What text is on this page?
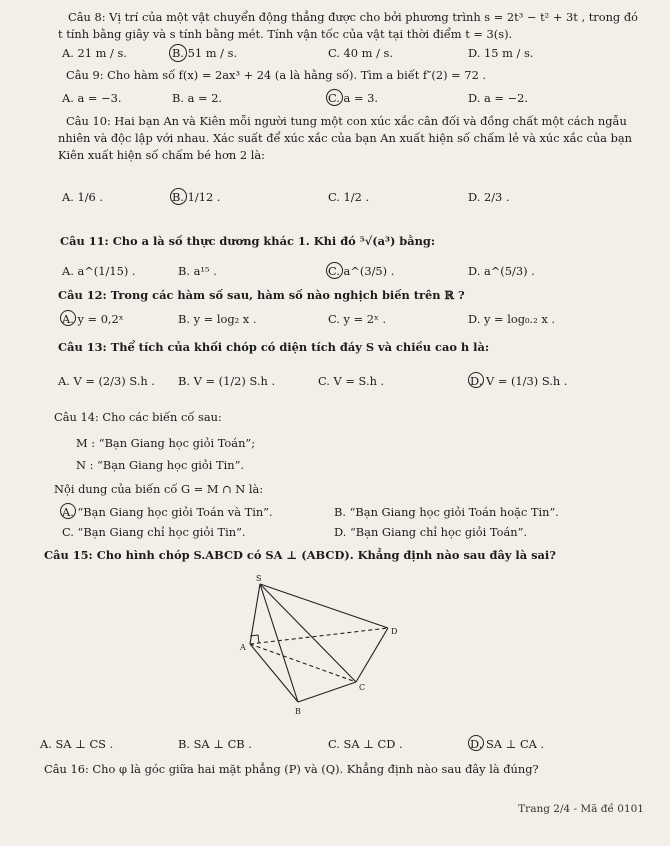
Câu 8: Vị trí của một vật chuyển động thẳng được cho bởi phương trình s = 2t³ − t² + 3t , trong đó
t tính bằng giây và s tính bằng mét. Tính vận tốc của vật tại thời điểm t = 3(s).
A. 21 m / s.	B. 51 m / s.	C. 40 m / s.	D. 15 m / s.
Câu 9: Cho hàm số f(x) = 2ax³ + 24 (a là hằng số). Tìm a biết f″(2) = 72 .
A. a = −3.	B. a = 2.	C. a = 3.	D. a = −2.
Câu 10: Hai bạn An và Kiên mỗi người tung một con xúc xắc cân đối và đồng chất một cách ngẫu
nhiên và độc lập với nhau. Xác suất để xúc xắc của bạn An xuất hiện số chấm lẻ và xúc xắc của bạn
Kiên xuất hiện số chấm bé hơn 2 là:
A. 1/6 .	B. 1/12 .	C. 1/2 .	D. 2/3 .
Câu 11: Cho a là số thực dương khác 1. Khi đó ⁵√(a³) bằng:
A. a^(1/15) .	B. a¹⁵ .	C. a^(3/5) .	D. a^(5/3) .
Câu 12: Trong các hàm số sau, hàm số nào nghịch biến trên ℝ ?
A. y = 0,2ˣ	B. y = log₂ x .	C. y = 2ˣ .	D. y = log₀.₂ x .
Câu 13: Thể tích của khối chóp có diện tích đáy S và chiều cao h là:
A. V = (2/3) S.h . B. V = (1/2) S.h .	C. V = S.h .	D. V = (1/3) S.h .
Câu 14: Cho các biến cố sau:
M : “Bạn Giang học giỏi Toán”;
N : “Bạn Giang học giỏi Tin”.
Nội dung của biến cố G = M ∩ N là:
A. “Bạn Giang học giỏi Toán và Tin”.	B. “Bạn Giang học giỏi Toán hoặc Tin”.
C. “Bạn Giang chỉ học giỏi Tin”.	D. “Bạn Giang chỉ học giỏi Toán”.
Câu 15: Cho hình chóp S.ABCD có SA ⊥ (ABCD). Khẳng định nào sau đây là sai?
S
A
B
C
D
A. SA ⊥ CS .	B. SA ⊥ CB .	C. SA ⊥ CD .	D. SA ⊥ CA .
Câu 16: Cho φ là góc giữa hai mặt phẳng (P) và (Q). Khẳng định nào sau đây là đúng?
Trang 2/4 - Mã đề 0101
